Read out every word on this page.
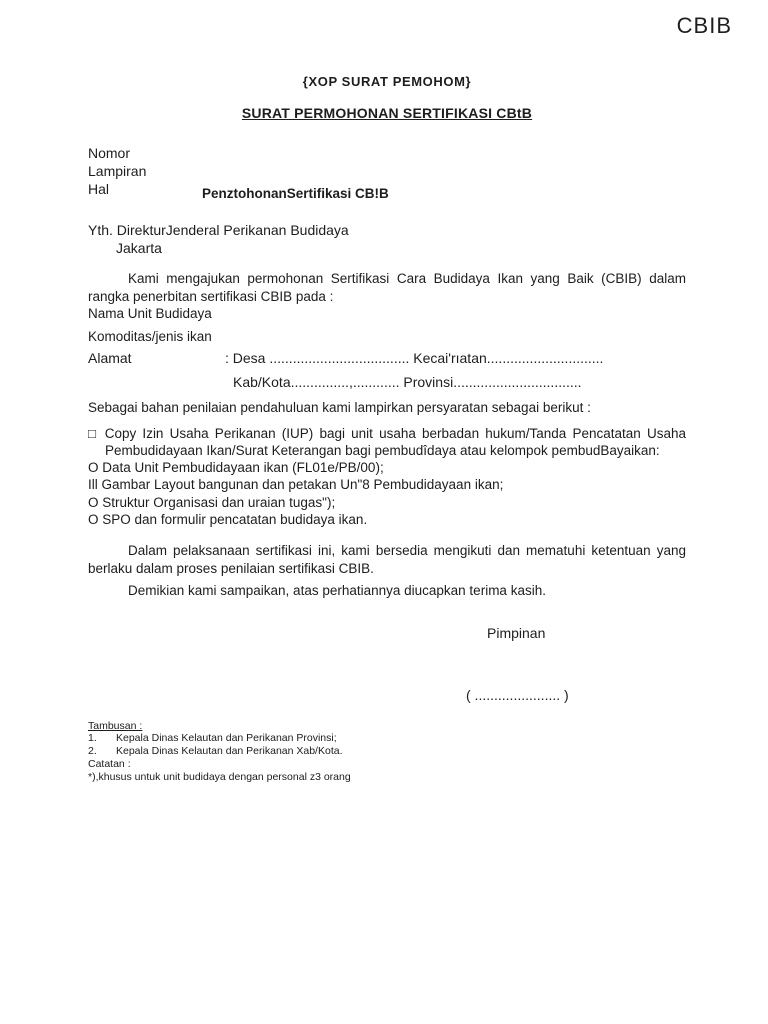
CBIB
{XOP SURAT PEMOHOM}
SURAT PERMOHONAN SERTIFIKASI CBtB
Nomor
Lampiran
Hal	PenztohonanSertifikasi CB!B
Yth. DirekturJenderal Perikanan Budidaya
Jakarta

Kami mengajukan permohonan Sertifikasi Cara Budidaya Ikan yang Baik (CBIB) dalam rangka penerbitan sertifikasi CBIB pada :

Nama Unit Budidaya
Komoditas/jenis ikan
Alamat	: Desa .................................... Kecai'rıatan..............................
Kab/Kota...............,............ Provinsi.................................

Sebagai bahan penilaian pendahuluan kami lampirkan persyaratan sebagai berikut :

□ Copy Izin Usaha Perikanan (IUP) bagi unit usaha berbadan hukum/Tanda Pencatatan Usaha Pembudidayaan Ikan/Surat Keterangan bagi pembudîdaya atau kelompok pembudBayaikan:

O Data Unit Pembudidayaan ikan (FL01e/PB/00);

Ill Gambar Layout bangunan dan petakan Un"8 Pembudidayaan ikan;

O Struktur Organisasi dan uraian tugas");

O SPO dan formulir pencatatan budidaya ikan.

Dalam pelaksanaan sertifikasi ini, kami bersedia mengikuti dan mematuhi ketentuan yang berlaku dalam proses penilaian sertifikasi CBIB.

Demikian kami sampaikan, atas perhatiannya diucapkan terima kasih.

Pimpinan
( ...................... )
Tambusan :
1.	Kepala Dinas Kelautan dan Perikanan Provinsi;
2.	Kepala Dinas Kelautan dan Perikanan Xab/Kota.
Catatan :
*),khusus untuk unit budidaya dengan personal z3 orang
